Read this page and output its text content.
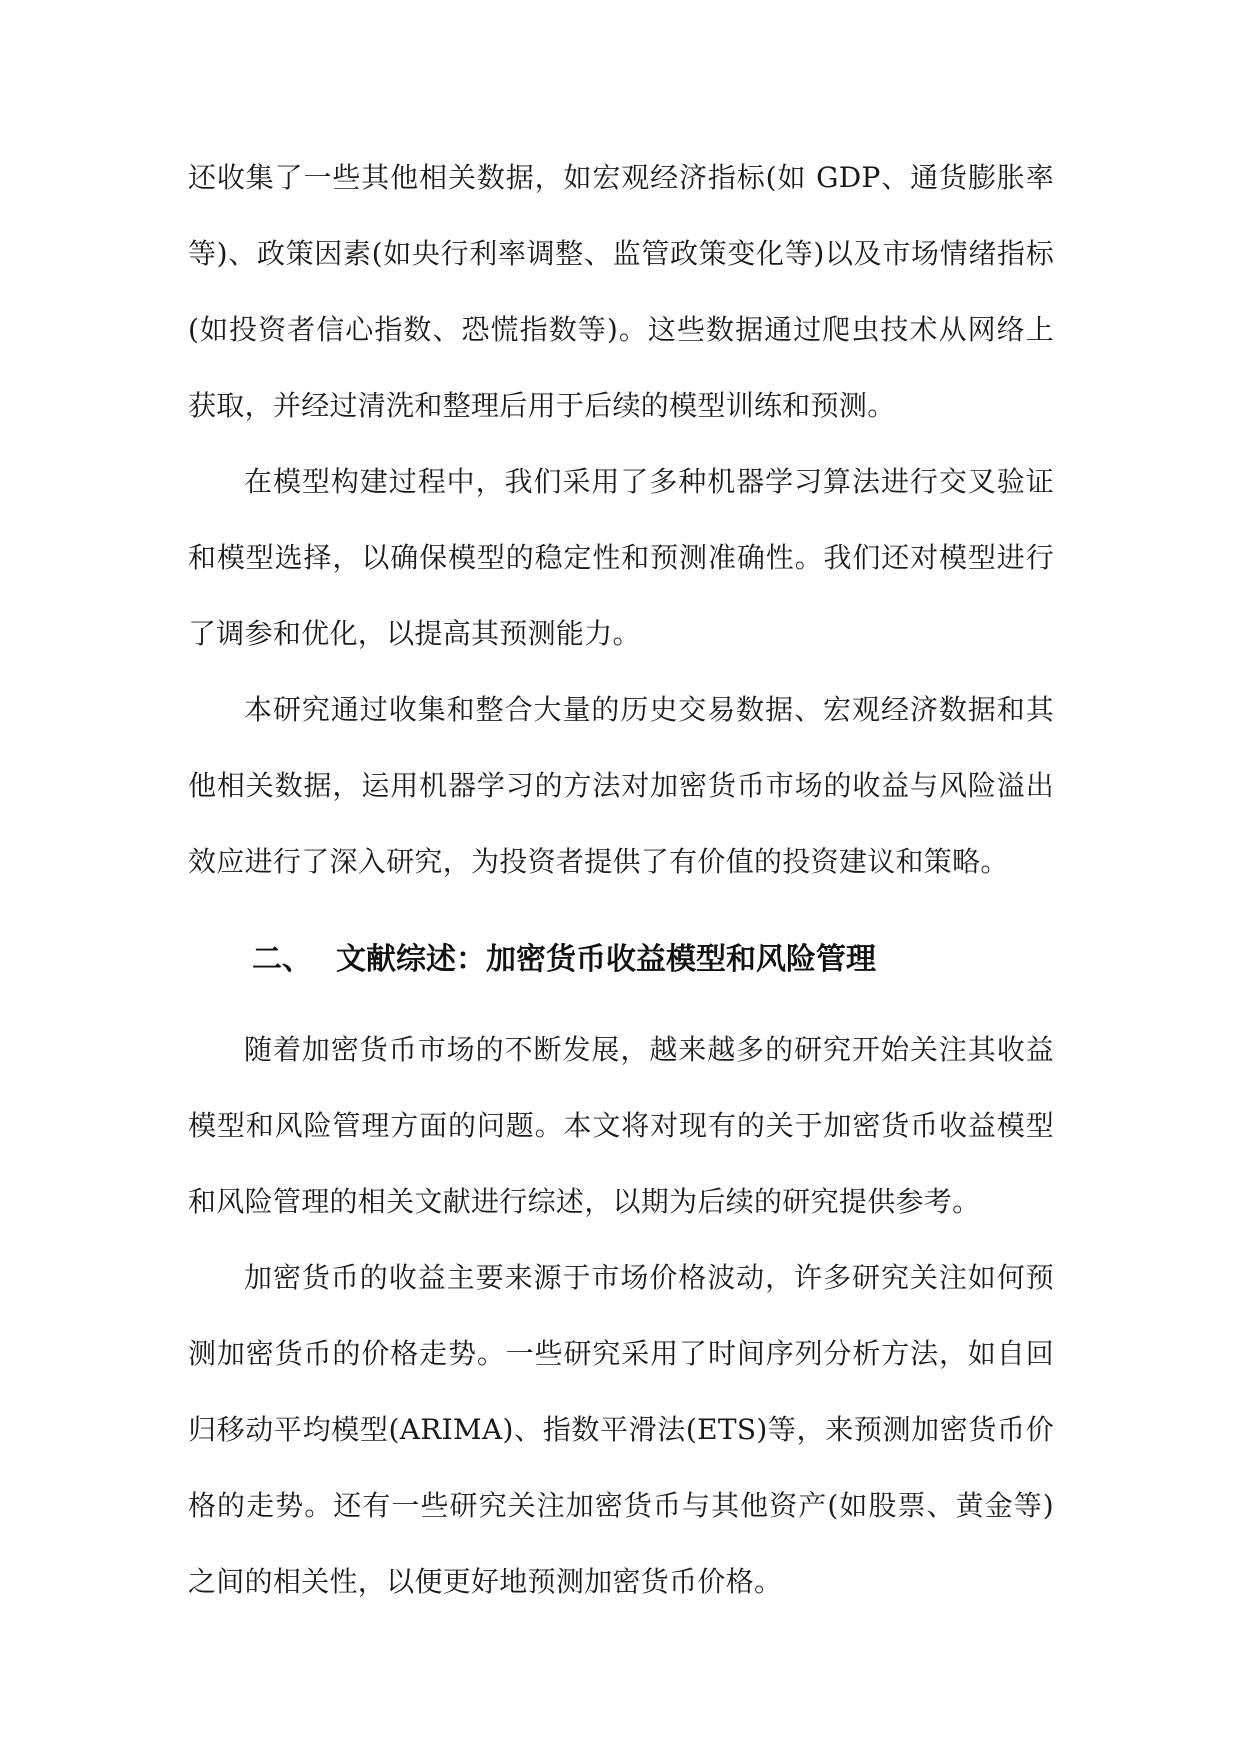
还收集了一些其他相关数据，如宏观经济指标(如 GDP、通货膨胀率等)、政策因素(如央行利率调整、监管政策变化等)以及市场情绪指标(如投资者信心指数、恐慌指数等)。这些数据通过爬虫技术从网络上获取，并经过清洗和整理后用于后续的模型训练和预测。

在模型构建过程中，我们采用了多种机器学习算法进行交叉验证和模型选择，以确保模型的稳定性和预测准确性。我们还对模型进行了调参和优化，以提高其预测能力。

本研究通过收集和整合大量的历史交易数据、宏观经济数据和其他相关数据，运用机器学习的方法对加密货币市场的收益与风险溢出效应进行了深入研究，为投资者提供了有价值的投资建议和策略。

二、 文献综述：加密货币收益模型和风险管理

随着加密货币市场的不断发展，越来越多的研究开始关注其收益模型和风险管理方面的问题。本文将对现有的关于加密货币收益模型和风险管理的相关文献进行综述，以期为后续的研究提供参考。

加密货币的收益主要来源于市场价格波动，许多研究关注如何预测加密货币的价格走势。一些研究采用了时间序列分析方法，如自回归移动平均模型(ARIMA)、指数平滑法(ETS)等，来预测加密货币价格的走势。还有一些研究关注加密货币与其他资产(如股票、黄金等)之间的相关性，以便更好地预测加密货币价格。
